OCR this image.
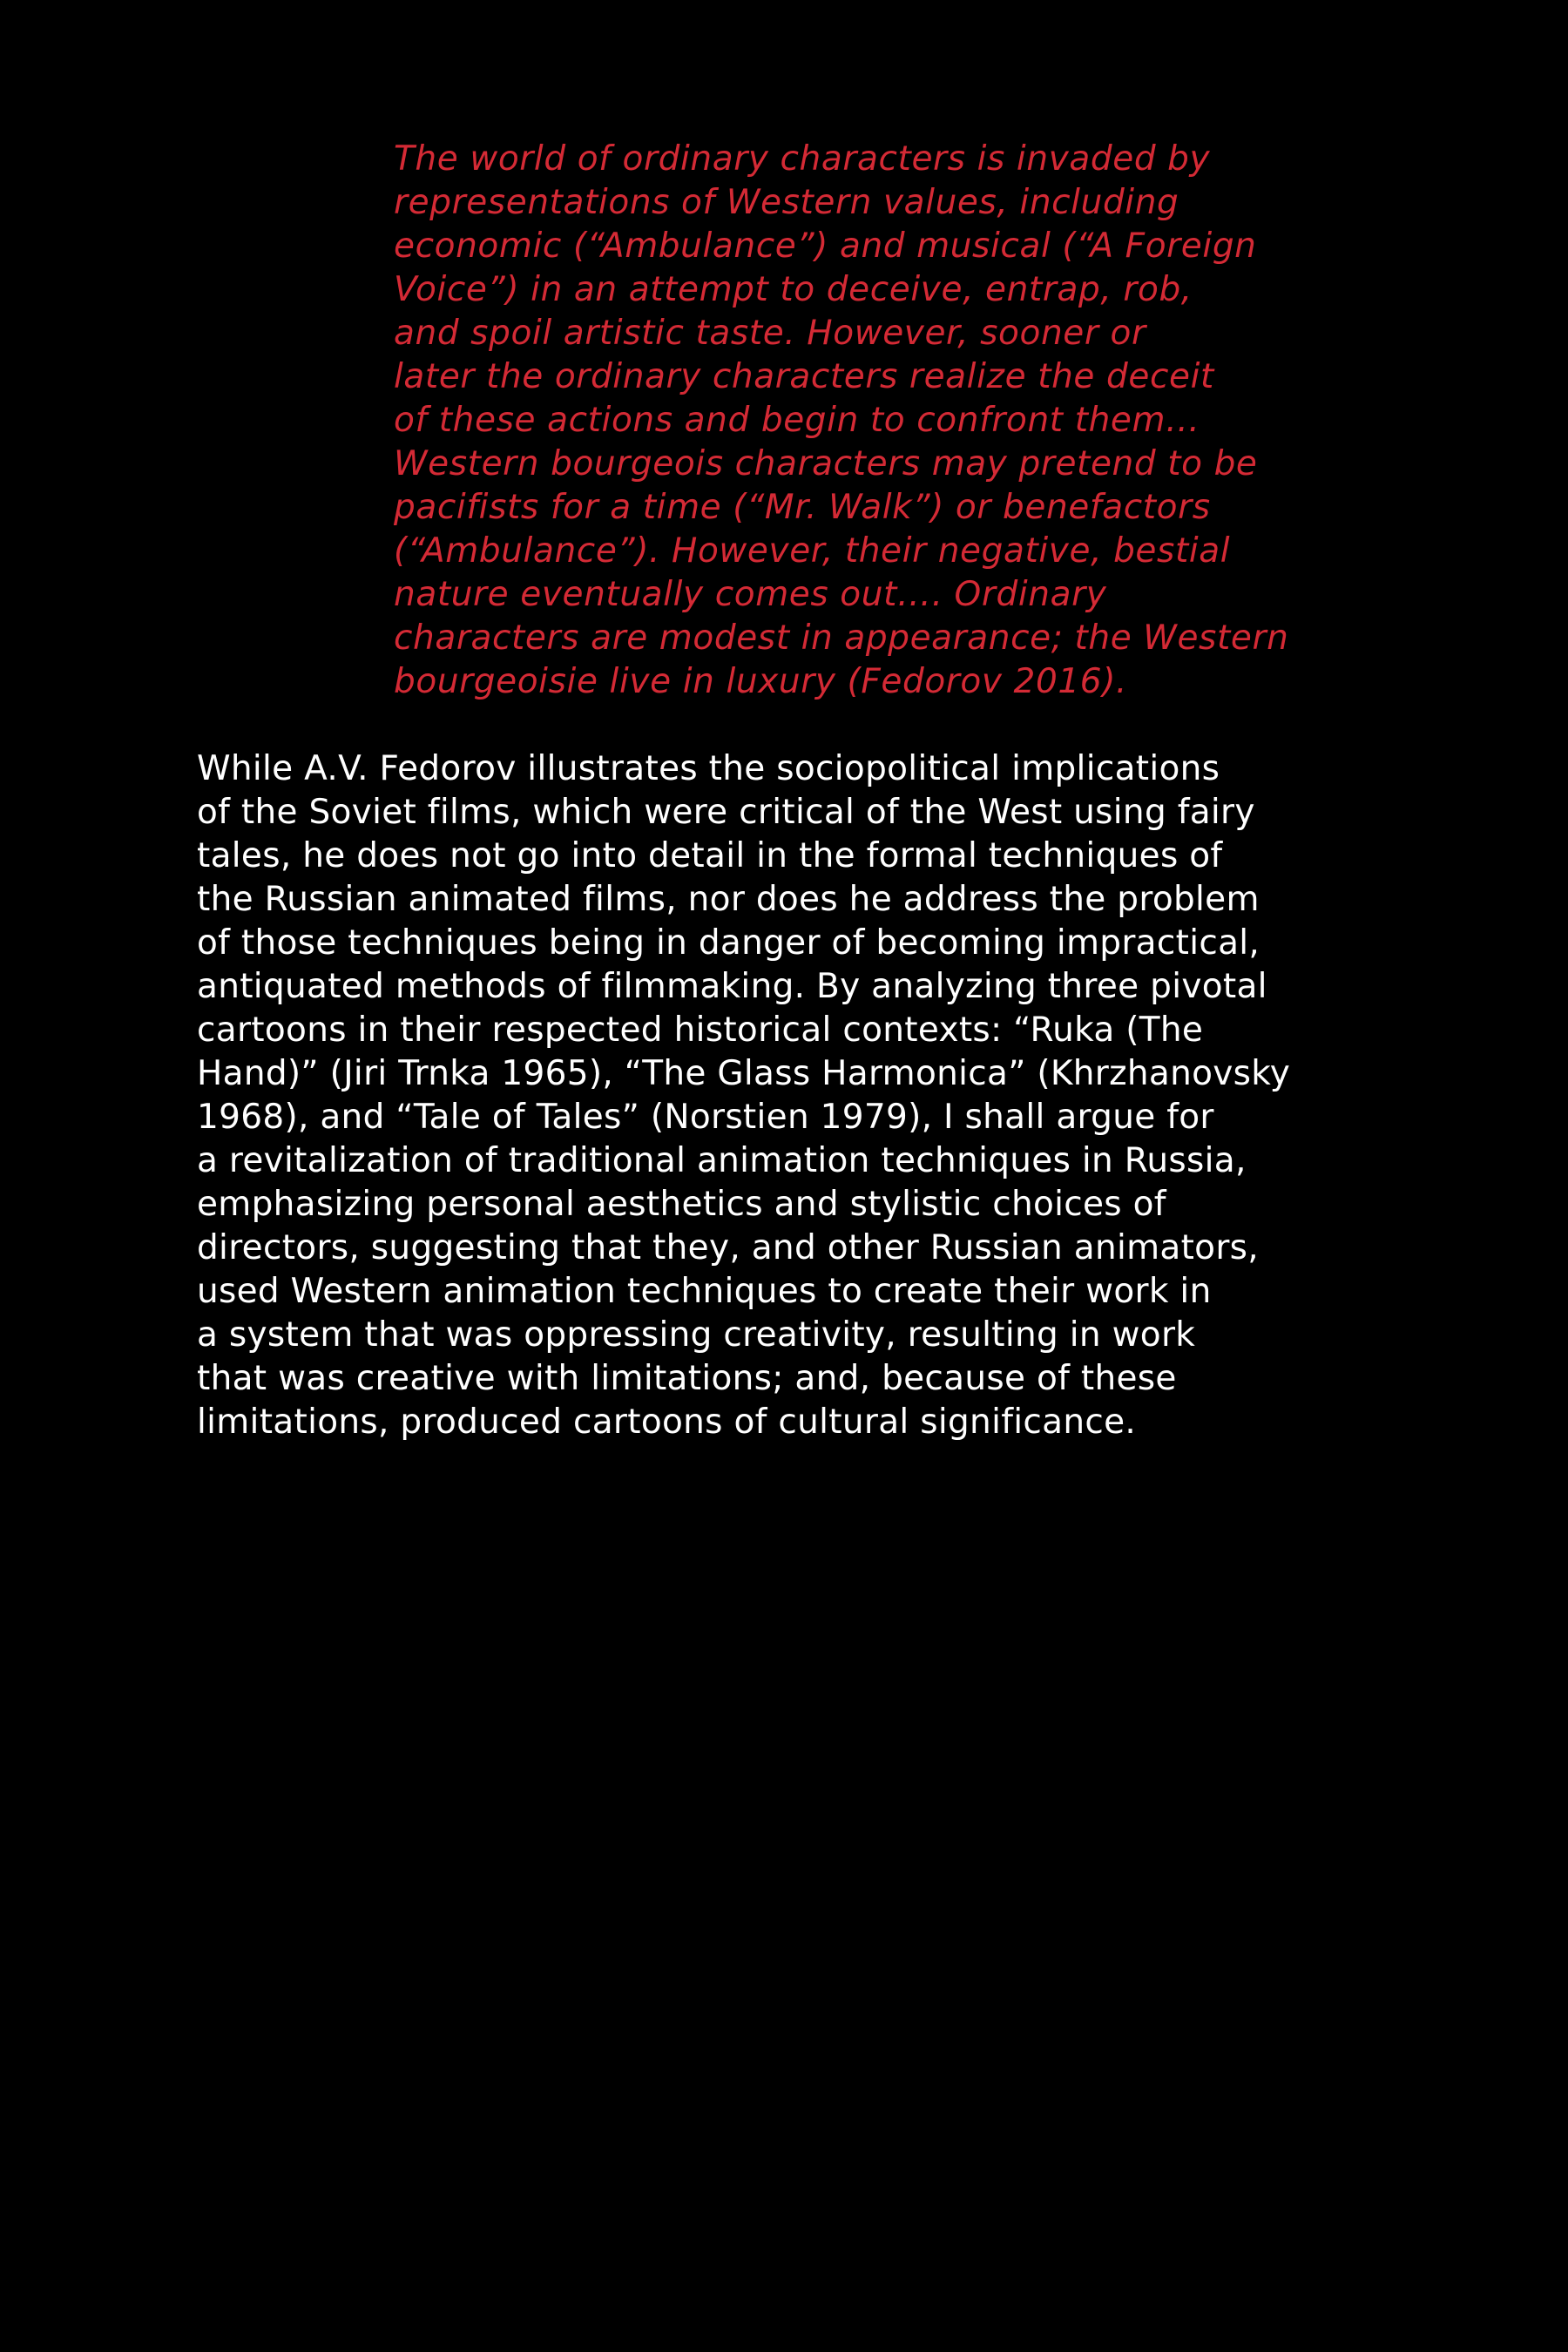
The world of ordinary characters is invaded by
representations of Western values, including
economic (“Ambulance”) and musical (“A Foreign
Voice”) in an attempt to deceive, entrap, rob,
and spoil artistic taste. However, sooner or
later the ordinary characters realize the deceit
of these actions and begin to confront them…
Western bourgeois characters may pretend to be
pacifists for a time (“Mr. Walk”) or benefactors
(“Ambulance”). However, their negative, bestial
nature eventually comes out…. Ordinary
characters are modest in appearance; the Western
bourgeoisie live in luxury (Fedorov 2016).

While A.V. Fedorov illustrates the sociopolitical implications
of the Soviet films, which were critical of the West using fairy
tales, he does not go into detail in the formal techniques of
the Russian animated films, nor does he address the problem
of those techniques being in danger of becoming impractical,
antiquated methods of filmmaking. By analyzing three pivotal
cartoons in their respected historical contexts: “Ruka (The
Hand)” (Jiri Trnka 1965), “The Glass Harmonica” (Khrzhanovsky
1968), and “Tale of Tales” (Norstien 1979), I shall argue for
a revitalization of traditional animation techniques in Russia,
emphasizing personal aesthetics and stylistic choices of
directors, suggesting that they, and other Russian animators,
used Western animation techniques to create their work in
a system that was oppressing creativity, resulting in work
that was creative with limitations; and, because of these
limitations, produced cartoons of cultural significance.
